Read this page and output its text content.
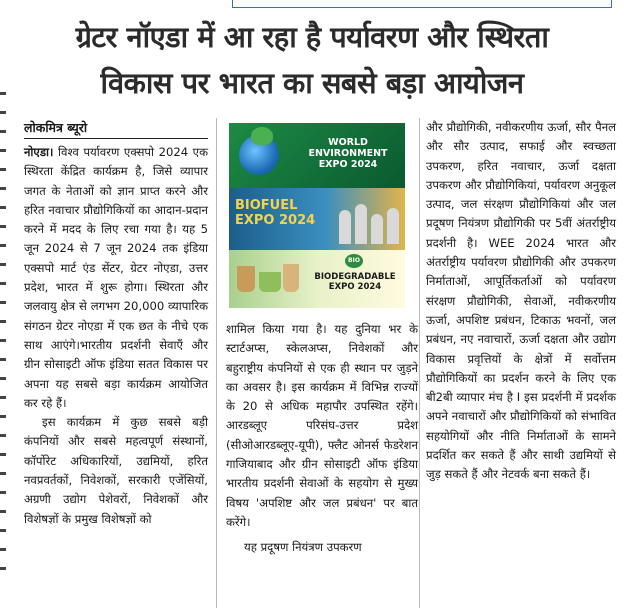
ग्रेटर नॉएडा में आ रहा है पर्यावरण और स्थिरता
विकास पर भारत का सबसे बड़ा आयोजन
लोकमित्र ब्यूरो

नोएडा। विश्व पर्यावरण एक्सपो 2024 एक स्थिरता केंद्रित कार्यक्रम है, जिसे व्यापार जगत के नेताओं को ज्ञान प्राप्त करने और हरित नवाचार प्रौद्योगिकियों का आदान-प्रदान करने में मदद के लिए रचा गया है। यह 5 जून 2024 से 7 जून 2024 तक इंडिया एक्सपो मार्ट एंड सेंटर, ग्रेटर नोएडा, उत्तर प्रदेश, भारत में शुरू होगा। स्थिरता और जलवायु क्षेत्र से लगभग 20,000 व्यापारिक संगठन ग्रेटर नोएडा में एक छत के नीचे एक साथ आएंगे।भारतीय प्रदर्शनी सेवाएँ और ग्रीन सोसाइटी ऑफ इंडिया सतत विकास पर अपना यह सबसे बड़ा कार्यक्रम आयोजित कर रहे हैं।

इस कार्यक्रम में कुछ सबसे बड़ी कंपनियों और सबसे महत्वपूर्ण संस्थानों, कॉर्पोरेट अधिकारियों, उद्यमियों, हरित नवप्रवर्तकों, निवेशकों, सरकारी एजेंसियों, अग्रणी उद्योग पेशेवरों, निवेशकों और विशेषज्ञों के प्रमुख विशेषज्ञों को

WORLD ENVIRONMENT EXPO 2024
BIOFUEL
EXPO 2024
BIO
BIODEGRADABLE EXPO 2024

शामिल किया गया है। यह दुनिया भर के स्टार्टअप्स, स्केलअप्स, निवेशकों और बहुराष्ट्रीय कंपनियों से एक ही स्थान पर जुड़ने का अवसर है। इस कार्यक्रम में विभिन्न राज्यों के 20 से अधिक महापौर उपस्थित रहेंगे। आरडब्लूए परिसंघ-उत्तर प्रदेश (सीओआरडब्लूए-यूपी), फ्लैट ओनर्स फेडरेशन गाजियाबाद और ग्रीन सोसाइटी ऑफ इंडिया भारतीय प्रदर्शनी सेवाओं के सहयोग से मुख्य विषय 'अपशिष्ट और जल प्रबंधन' पर बात करेंगे।

यह प्रदूषण नियंत्रण उपकरण

और प्रौद्योगिकी, नवीकरणीय ऊर्जा, सौर पैनल और सौर उत्पाद, सफाई और स्वच्छता उपकरण, हरित नवाचार, ऊर्जा दक्षता उपकरण और प्रौद्योगिकियां, पर्यावरण अनुकूल उत्पाद, जल संरक्षण प्रौद्योगिकियां और जल प्रदूषण नियंत्रण प्रौद्योगिकी पर 5वीं अंतर्राष्ट्रीय प्रदर्शनी है। WEE 2024 भारत और अंतर्राष्ट्रीय पर्यावरण प्रौद्योगिकी और उपकरण निर्माताओं, आपूर्तिकर्ताओं को पर्यावरण संरक्षण प्रौद्योगिकी, सेवाओं, नवीकरणीय ऊर्जा, अपशिष्ट प्रबंधन, टिकाऊ भवनों, जल प्रबंधन, नए नवाचारों, ऊर्जा दक्षता और उद्योग विकास प्रवृत्तियों के क्षेत्रों में सर्वोत्तम प्रौद्योगिकियों का प्रदर्शन करने के लिए एक बी2बी व्यापार मंच है I इस प्रदर्शनी में प्रदर्शक अपने नवाचारों और प्रौद्योगिकियों को संभावित सहयोगियों और नीति निर्माताओं के सामने प्रदर्शित कर सकते हैं और साथी उद्यमियों से जुड़ सकते हैं और नेटवर्क बना सकते हैं।
